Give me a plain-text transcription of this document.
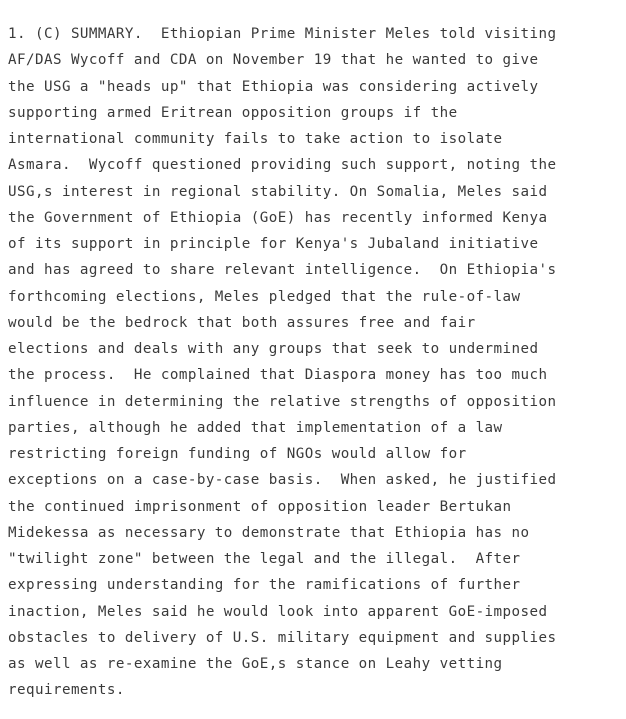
1. (C) SUMMARY.  Ethiopian Prime Minister Meles told visiting
AF/DAS Wycoff and CDA on November 19 that he wanted to give
the USG a "heads up" that Ethiopia was considering actively
supporting armed Eritrean opposition groups if the
international community fails to take action to isolate
Asmara.  Wycoff questioned providing such support, noting the
USG,s interest in regional stability. On Somalia, Meles said
the Government of Ethiopia (GoE) has recently informed Kenya
of its support in principle for Kenya's Jubaland initiative
and has agreed to share relevant intelligence.  On Ethiopia's
forthcoming elections, Meles pledged that the rule-of-law
would be the bedrock that both assures free and fair
elections and deals with any groups that seek to undermined
the process.  He complained that Diaspora money has too much
influence in determining the relative strengths of opposition
parties, although he added that implementation of a law
restricting foreign funding of NGOs would allow for
exceptions on a case-by-case basis.  When asked, he justified
the continued imprisonment of opposition leader Bertukan
Midekessa as necessary to demonstrate that Ethiopia has no
"twilight zone" between the legal and the illegal.  After
expressing understanding for the ramifications of further
inaction, Meles said he would look into apparent GoE-imposed
obstacles to delivery of U.S. military equipment and supplies
as well as re-examine the GoE,s stance on Leahy vetting
requirements.
